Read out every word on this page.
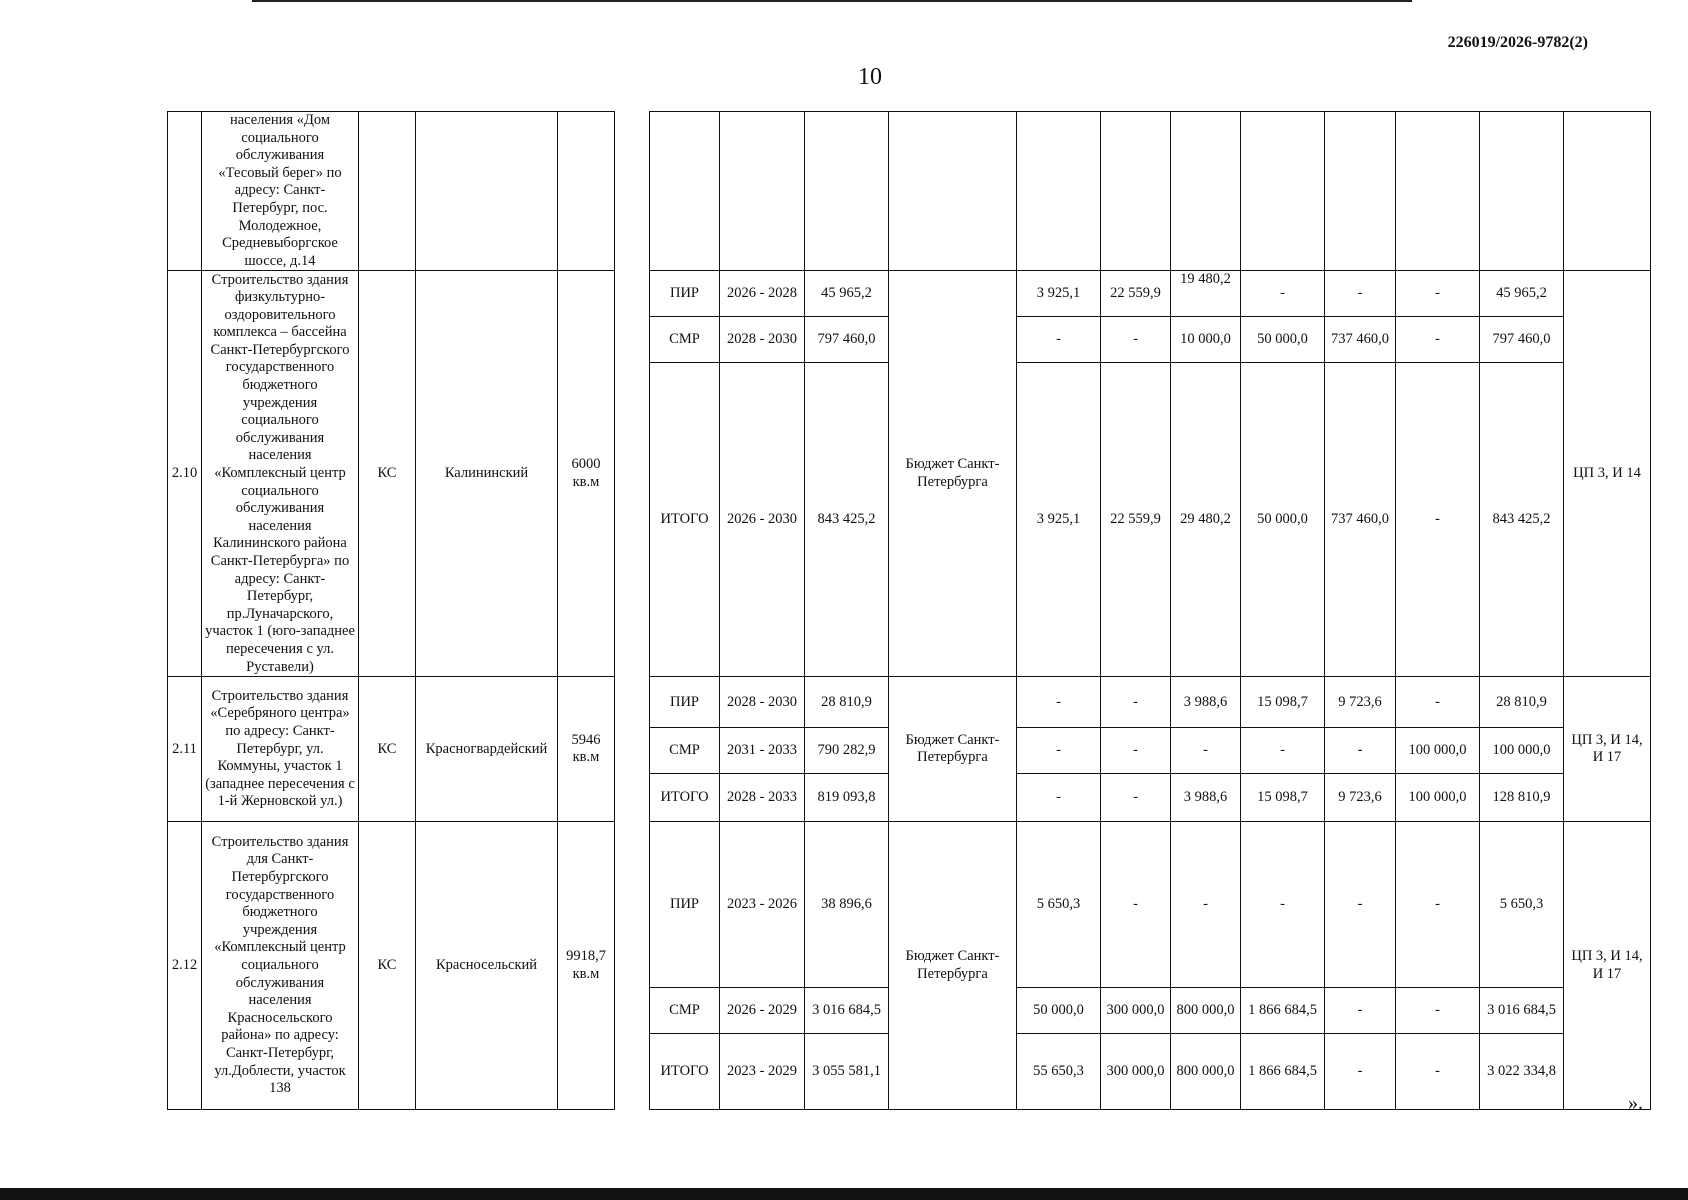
226019/2026-9782(2)
10
	населения «Дом социального обслуживания «Тесовый берег» по адресу: Санкт-Петербург, пос. Молодежное, Средневыборгское шоссе, д.14																
2.10	Строительство здания физкультурно-оздоровительного комплекса – бассейна Санкт-Петербургского государственного бюджетного учреждения социального обслуживания населения «Комплексный центр социального обслуживания населения Калининского района Санкт-Петербурга» по адресу: Санкт-Петербург, пр.Луначарского, участок 1 (юго-западнее пересечения с ул. Руставели)	КС	Калининский	6000 кв.м		ПИР	2026 - 2028	45 965,2	Бюджет Санкт-Петербурга	3 925,1	22 559,9	19 480,2	-	-	-	45 965,2	ЦП 3, И 14
						СМР	2028 - 2030	797 460,0		-	-	10 000,0	50 000,0	737 460,0	-	797 460,0	
						ИТОГО	2026 - 2030	843 425,2		3 925,1	22 559,9	29 480,2	50 000,0	737 460,0	-	843 425,2	
2.11	Строительство здания «Серебряного центра» по адресу: Санкт-Петербург, ул. Коммуны, участок 1 (западнее пересечения с 1-й Жерновской ул.)	КС	Красногвардейский	5946 кв.м		ПИР	2028 - 2030	28 810,9	Бюджет Санкт-Петербурга	-	-	3 988,6	15 098,7	9 723,6	-	28 810,9	ЦП 3, И 14, И 17
						СМР	2031 - 2033	790 282,9		-	-	-	-	-	100 000,0	100 000,0	
						ИТОГО	2028 - 2033	819 093,8		-	-	3 988,6	15 098,7	9 723,6	100 000,0	128 810,9	
2.12	Строительство здания для Санкт-Петербургского государственного бюджетного учреждения «Комплексный центр социального обслуживания населения Красносельского района» по адресу: Санкт-Петербург, ул.Доблести, участок 138	КС	Красносельский	9918,7 кв.м		ПИР	2023 - 2026	38 896,6	Бюджет Санкт-Петербурга	5 650,3	-	-	-	-	-	5 650,3	ЦП 3, И 14, И 17
						СМР	2026 - 2029	3 016 684,5		50 000,0	300 000,0	800 000,0	1 866 684,5	-	-	3 016 684,5	
						ИТОГО	2023 - 2029	3 055 581,1		55 650,3	300 000,0	800 000,0	1 866 684,5	-	-	3 022 334,8	
».
